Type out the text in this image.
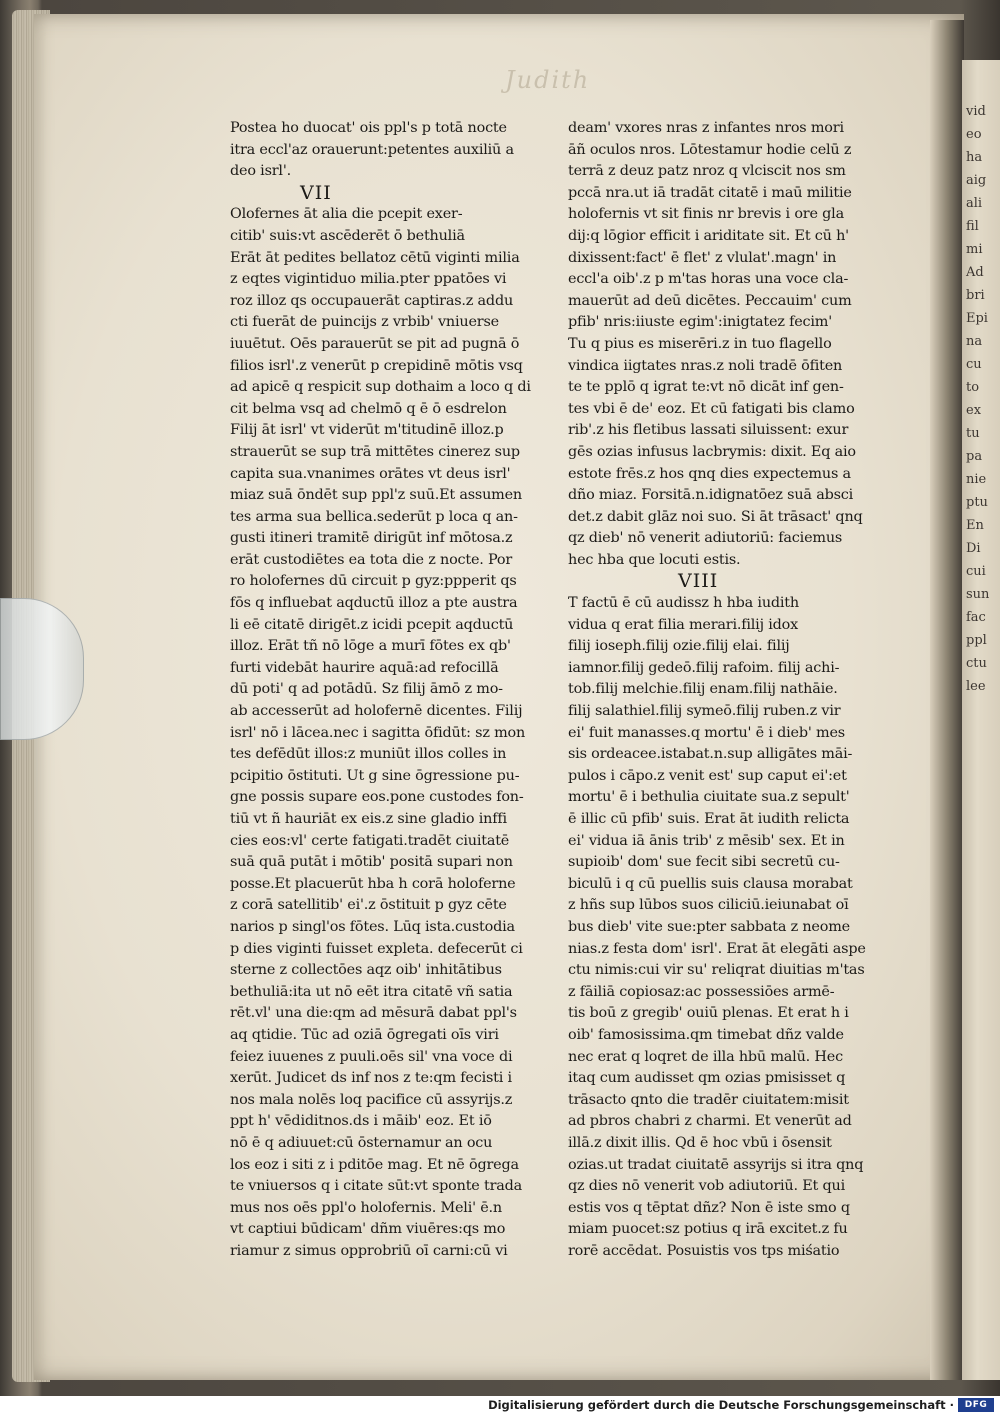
vid
eo
ha
aig
ali
fil
mi
Ad
bri
Epi
na
cu
to
ex
tu
pa
nie
ptu
En
Di
cui
sun
fac
ppl
ctu
lee
Judith
Postea ho duocat' ois ppl's p totā nocte
itra eccl'az orauerunt:petentes auxiliū a
deo isrl'.
VII
Olofernes āt alia die pcepit exer-
citib' suis:vt ascēderēt ō bethuliā
Erāt āt pedites bellatoz cētū viginti milia
z eqtes vigintiduo milia.pter ppatōes vi
roz illoz qs occupauerāt captiras.z addu
cti fuerāt de puincijs z vrbib' vniuerse
iuuētut. Oēs parauerūt se pit ad pugnā ō
filios isrl'.z venerūt p crepidinē mōtis vsq
ad apicē q respicit sup dothaim a loco q di
cit belma vsq ad chelmō q ē ō esdrelon
Filij āt isrl' vt viderūt m'titudinē illoz.p
strauerūt se sup trā mittētes cinerez sup
capita sua.vnanimes orātes vt deus isrl'
miaz suā ōndēt sup ppl'z suū.Et assumen
tes arma sua bellica.sederūt p loca q an-
gusti itineri tramitē dirigūt inf mōtosa.z
erāt custodiētes ea tota die z nocte. Por
ro holofernes dū circuit p gyz:ppperit qs
fōs q influebat aqductū illoz a pte austra
li eē citatē dirigēt.z icidi pcepit aqductū
illoz. Erāt tñ nō lōge a murī fōtes ex qb'
furti videbāt haurire aquā:ad refocillā
dū poti' q ad potādū. Sz filij āmō z mo-
ab accesserūt ad holofernē dicentes. Filij
isrl' nō i lācea.nec i sagitta ōfidūt: sz mon
tes defēdūt illos:z muniūt illos colles in
pcipitio ōstituti. Ut g sine ōgressione pu-
gne possis supare eos.pone custodes fon-
tiū vt ñ hauriāt ex eis.z sine gladio inffi
cies eos:vl' certe fatigati.tradēt ciuitatē
suā quā putāt i mōtib' positā supari non
posse.Et placuerūt hba h corā holoferne
z corā satellitib' ei'.z ōstituit p gyz cēte
narios p singl'os fōtes. Lūq ista.custodia
p dies viginti fuisset expleta. defecerūt ci
sterne z collectōes aqz oib' inhitātibus
bethuliā:ita ut nō eēt itra citatē vñ satia
rēt.vl' una die:qm ad mēsurā dabat ppl's
aq qtidie. Tūc ad oziā ōgregati oīs viri
feiez iuuenes z puuli.oēs sil' vna voce di
xerūt. Judicet ds inf nos z te:qm fecisti i
nos mala nolēs loq pacifice cū assyrijs.z
ppt h' vēdiditnos.ds i māib' eoz. Et iō
nō ē q adiuuet:cū ōsternamur an ocu
los eoz i siti z i pditōe mag. Et nē ōgrega
te vniuersos q i citate sūt:vt sponte trada
mus nos oēs ppl'o holofernis. Meli' ē.n
vt captiui būdicam' dñm viuēres:qs mo
riamur z simus opprobriū oī carni:cū vi
deam' vxores nras z infantes nros mori
āñ oculos nros. Lōtestamur hodie celū z
terrā z deuz patz nroz q vlciscit nos sm
pccā nra.ut iā tradāt citatē i maū militie
holofernis vt sit finis nr brevis i ore gla
dij:q lōgior efficit i ariditate sit. Et cū h'
dixissent:fact' ē flet' z vlulat'.magn' in
eccl'a oib'.z p m'tas horas una voce cla-
mauerūt ad deū dicētes. Peccauim' cum
pfib' nris:iiuste egim':inigtatez fecim'
Tu q pius es miserēri.z in tuo flagello
vindica iigtates nras.z noli tradē ōfiten
te te pplō q igrat te:vt nō dicāt inf gen-
tes vbi ē de' eoz. Et cū fatigati bis clamo
rib'.z his fletibus lassati siluissent: exur
gēs ozias infusus lacbrymis: dixit. Eq aio
estote frēs.z hos qnq dies expectemus a
dño miaz. Forsitā.n.idignatōez suā absci
det.z dabit glāz noi suo. Si āt trāsact' qnq
qz dieb' nō venerit adiutoriū: faciemus
hec hba que locuti estis.
VIII
T factū ē cū audissz h hba iudith
vidua q erat filia merari.filij idox
filij ioseph.filij ozie.filij elai. filij
iamnor.filij gedeō.filij rafoim. filij achi-
tob.filij melchie.filij enam.filij nathāie.
filij salathiel.filij symeō.filij ruben.z vir
ei' fuit manasses.q mortu' ē i dieb' mes
sis ordeacee.istabat.n.sup alligātes māi-
pulos i cāpo.z venit est' sup caput ei':et
mortu' ē i bethulia ciuitate sua.z sepult'
ē illic cū pfib' suis. Erat āt iudith relicta
ei' vidua iā ānis trib' z mēsib' sex. Et in
supioib' dom' sue fecit sibi secretū cu-
biculū i q cū puellis suis clausa morabat
z hñs sup lūbos suos ciliciū.ieiunabat oī
bus dieb' vite sue:pter sabbata z neome
nias.z festa dom' isrl'. Erat āt elegāti aspe
ctu nimis:cui vir su' reliqrat diuitias m'tas
z fāiliā copiosaz:ac possessiōes armē-
tis boū z gregib' ouiū plenas. Et erat h i
oib' famosissima.qm timebat dñz valde
nec erat q loqret de illa hbū malū. Hec
itaq cum audisset qm ozias pmisisset q
trāsacto qnto die tradēr ciuitatem:misit
ad pbros chabri z charmi. Et venerūt ad
illā.z dixit illis. Qd ē hoc vbū i ōsensit
ozias.ut tradat ciuitatē assyrijs si itra qnq
qz dies nō venerit vob adiutoriū. Et qui
estis vos q tēptat dñz? Non ē iste smo q
miam puocet:sz potius q irā excitet.z fu
rorē accēdat. Posuistis vos tps miśatio
Digitalisierung gefördert durch die Deutsche Forschungsgemeinschaft ·	DFG
